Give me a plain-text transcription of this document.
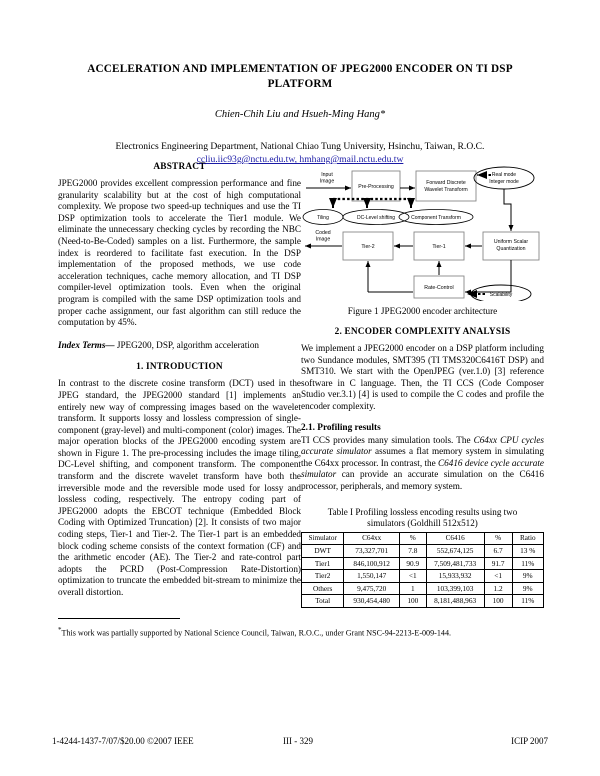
ACCELERATION AND IMPLEMENTATION OF JPEG2000 ENCODER ON TI DSP PLATFORM
Chien-Chih Liu and Hsueh-Ming Hang*
Electronics Engineering Department, National Chiao Tung University, Hsinchu, Taiwan, R.O.C.
ccliu.iic93g@nctu.edu.tw, hmhang@mail.nctu.edu.tw
ABSTRACT

JPEG2000 provides excellent compression performance and fine granularity scalability but at the cost of high computational complexity. We propose two speed-up techniques and use the TI DSP optimization tools to accelerate the Tier1 module. We eliminate the unnecessary checking cycles by recording the NBC (Need-to-Be-Coded) samples on a list. Furthermore, the sample index is reordered to facilitate fast execution. In the DSP implementation of the proposed methods, we use code acceleration techniques, cache memory allocation, and TI DSP compiler-level optimization tools. Even when the original program is compiled with the same DSP optimization tools and proper cache assignment, our fast algorithm can still reduce the computation by 45%.

Index Terms— JPEG200, DSP, algorithm acceleration

1. INTRODUCTION

In contrast to the discrete cosine transform (DCT) used in the JPEG standard, the JPEG2000 standard [1] implements an entirely new way of compressing images based on the wavelet transform. It supports lossy and lossless compression of single-component (gray-level) and multi-component (color) images. The major operation blocks of the JPEG2000 encoding system are shown in Figure 1. The pre-processing includes the image tiling, DC-Level shifting, and component transform. The component transform and the discrete wavelet transform have both the irreversible mode and the reversible mode used for lossy and lossless coding, respectively. The entropy coding part of JPEG2000 adopts the EBCOT technique (Embedded Block Coding with Optimized Truncation) [2]. It consists of two major coding steps, Tier-1 and Tier-2. The Tier-1 part is an embedded block coding scheme consists of the context formation (CF) and the arithmetic encoder (AE). The Tier-2 and rate-control part adopts the PCRD (Post-Compression Rate-Distortion) optimization to truncate the embedded bit-stream to minimize the overall distortion.

Input
Image
Pre-Processing
Forward Discrete
Wavelet Transform
Tiling	DC-Level shifting	Component Transform
Real mode
Integer mode
Uniform Scalar
Quantization
Tier-1
Tier-2
Coded
Image
Rate-Control
Scalability
Figure 1 JPEG2000 encoder architecture
2. ENCODER COMPLEXITY ANALYSIS

We implement a JPEG2000 encoder on a DSP platform including two Sundance modules, SMT395 (TI TMS320C6416T DSP) and SMT310. We start with the OpenJPEG (ver.1.0) [3] reference software in C language. Then, the TI CCS (Code Composer Studio ver.3.1) [4] is used to compile the C codes and profile the encoder complexity.

2.1. Profiling results

TI CCS provides many simulation tools. The C64xx CPU cycles accurate simulator assumes a flat memory system in simulating the C64xx processor. In contrast, the C6416 device cycle accurate simulator can provide an accurate simulation on the C6416 processor, peripherals, and memory system.

Table I Profiling lossless encoding results using two
simulators (Goldhill 512x512)
Simulator	C64xx	%	C6416	%	Ratio
DWT	73,327,701	7.8	552,674,125	6.7	13 %
Tier1	846,100,912	90.9	7,509,481,733	91.7	11%
Tier2	1,550,147	<1	15,933,932	<1	9%
Others	9,475,720	1	103,399,103	1.2	9%
Total	930,454,480	100	8,181,488,963	100	11%

*This work was partially supported by National Science Council, Taiwan, R.O.C., under Grant NSC-94-2213-E-009-144.

1-4244-1437-7/07/$20.00 ©2007 IEEE	III - 329	ICIP 2007
